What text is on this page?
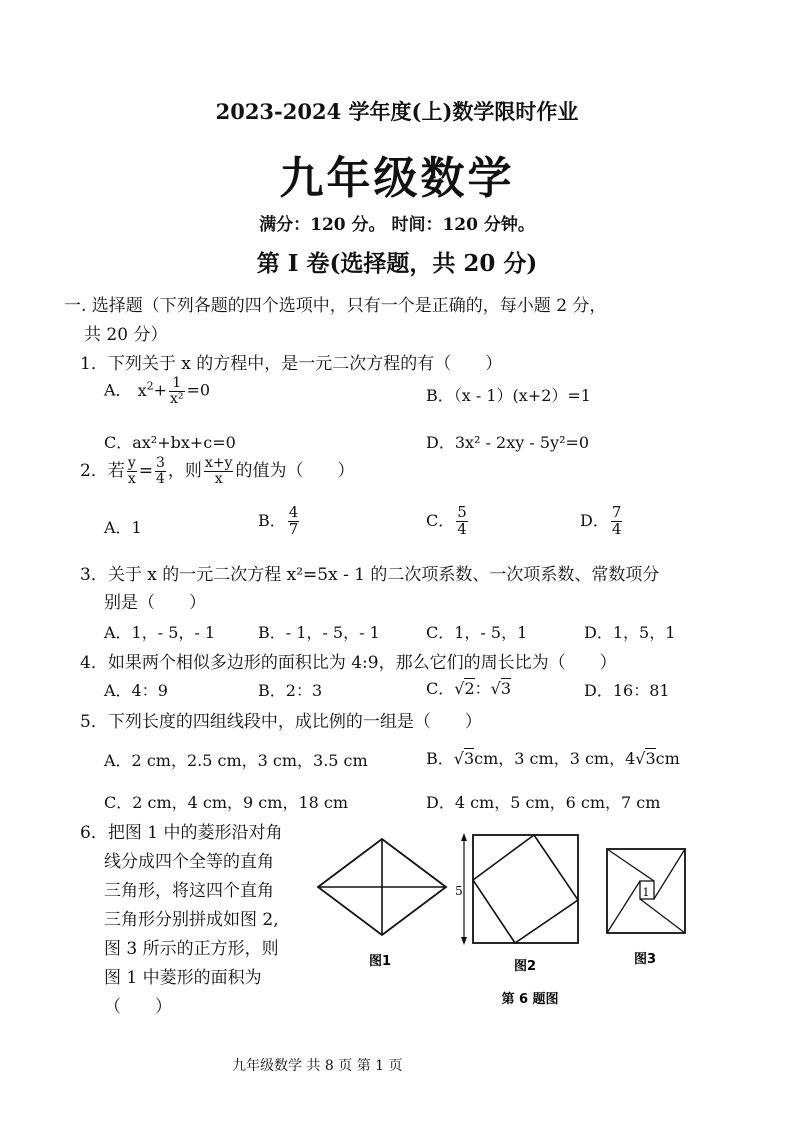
2023-2024 学年度(上)数学限时作业
九年级数学
满分：120 分。 时间：120 分钟。
第 I 卷(选择题，共 20 分)
一. 选择题（下列各题的四个选项中，只有一个是正确的，每小题 2 分，
共 20 分）
1．下列关于 x 的方程中，是一元二次方程的有（　　）
A． $x^2+ \frac{1}{\text{x²}} =0$	B．（x - 1）(x+2）=1
C．ax²+bx+c=0	D．3x² - 2xy - 5y²=0
2．若 $\frac{y}{x} = \frac{3}{4}$ ，则 $\frac{x+y}{x}$ 的值为（　　）
A．1	B． $\frac{4}{7}$	C． $\frac{5}{4}$	D． $\frac{7}{4}$
3．关于 x 的一元二次方程 x²=5x - 1 的二次项系数、一次项系数、常数项分
别是（　　）
A．1，- 5，- 1	B．- 1，- 5，- 1	C．1，- 5，1	D．1，5，1
4．如果两个相似多边形的面积比为 4:9，那么它们的周长比为（　　）
A．4：9	B．2：3	C．√2：√3	D．16：81
5．下列长度的四组线段中，成比例的一组是（　　）
A．2 cm，2.5 cm，3 cm，3.5 cm	B．√3cm，3 cm，3 cm，4√3cm
C．2 cm，4 cm，9 cm，18 cm	D．4 cm，5 cm，6 cm，7 cm
6．把图 1 中的菱形沿对角
线分成四个全等的直角
三角形，将这四个直角
三角形分别拼成如图 2,
图 3 所示的正方形，则
图 1 中菱形的面积为
（　　）
图1
5
图2
1
图3
第 6 题图
九年级数学 共 8 页 第 1 页
